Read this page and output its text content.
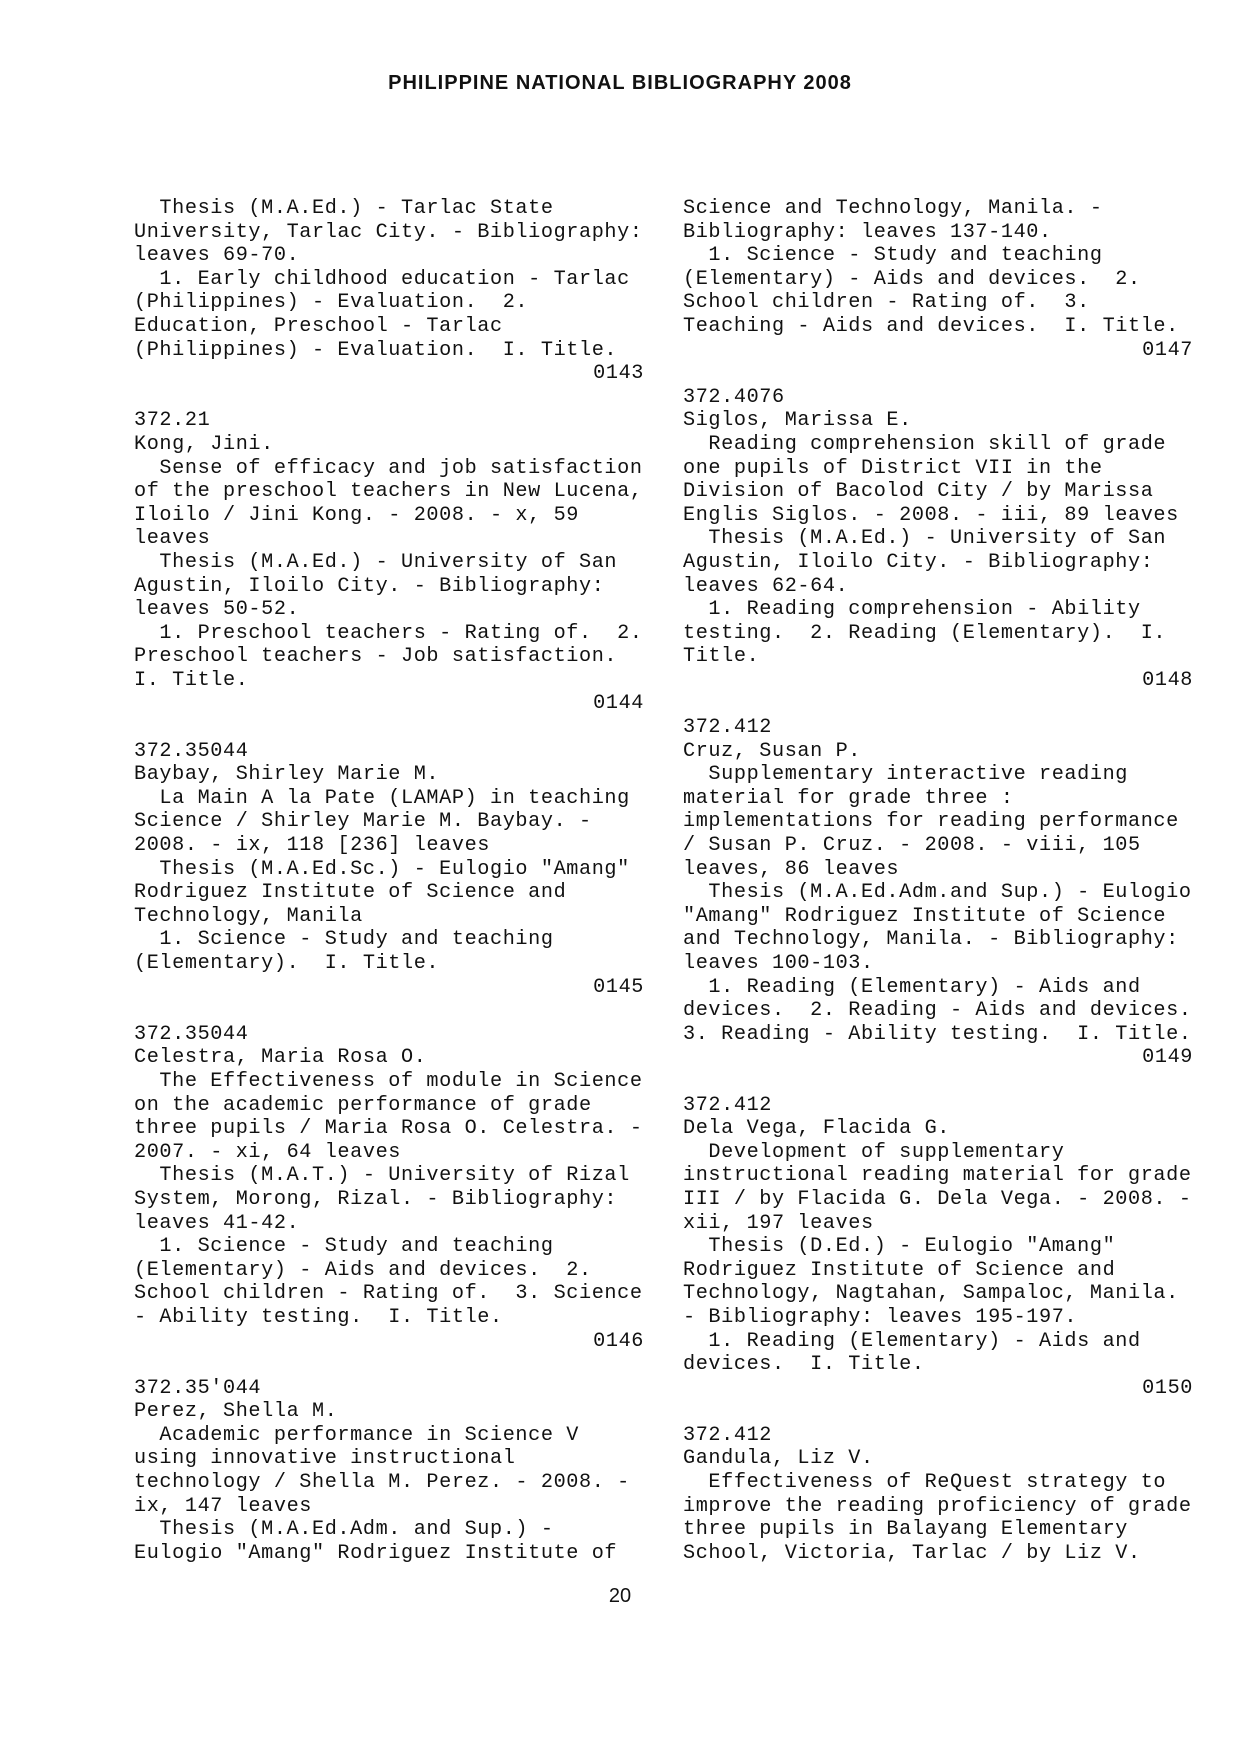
PHILIPPINE NATIONAL BIBLIOGRAPHY 2008
Thesis (M.A.Ed.) - Tarlac State
University, Tarlac City. - Bibliography:
leaves 69-70.
1. Early childhood education - Tarlac
(Philippines) - Evaluation.  2.
Education, Preschool - Tarlac
(Philippines) - Evaluation.  I. Title.
0143
372.21
Kong, Jini.
Sense of efficacy and job satisfaction
of the preschool teachers in New Lucena,
Iloilo / Jini Kong. - 2008. - x, 59
leaves
Thesis (M.A.Ed.) - University of San
Agustin, Iloilo City. - Bibliography:
leaves 50-52.
1. Preschool teachers - Rating of.  2.
Preschool teachers - Job satisfaction.
I. Title.
0144
372.35044
Baybay, Shirley Marie M.
La Main A la Pate (LAMAP) in teaching
Science / Shirley Marie M. Baybay. -
2008. - ix, 118 [236] leaves
Thesis (M.A.Ed.Sc.) - Eulogio "Amang"
Rodriguez Institute of Science and
Technology, Manila
1. Science - Study and teaching
(Elementary).  I. Title.
0145
372.35044
Celestra, Maria Rosa O.
The Effectiveness of module in Science
on the academic performance of grade
three pupils / Maria Rosa O. Celestra. -
2007. - xi, 64 leaves
Thesis (M.A.T.) - University of Rizal
System, Morong, Rizal. - Bibliography:
leaves 41-42.
1. Science - Study and teaching
(Elementary) - Aids and devices.  2.
School children - Rating of.  3. Science
- Ability testing.  I. Title.
0146
372.35'044
Perez, Shella M.
Academic performance in Science V
using innovative instructional
technology / Shella M. Perez. - 2008. -
ix, 147 leaves
Thesis (M.A.Ed.Adm. and Sup.) -
Eulogio "Amang" Rodriguez Institute of
Science and Technology, Manila. -
Bibliography: leaves 137-140.
1. Science - Study and teaching
(Elementary) - Aids and devices.  2.
School children - Rating of.  3.
Teaching - Aids and devices.  I. Title.
0147
372.4076
Siglos, Marissa E.
Reading comprehension skill of grade
one pupils of District VII in the
Division of Bacolod City / by Marissa
Englis Siglos. - 2008. - iii, 89 leaves
Thesis (M.A.Ed.) - University of San
Agustin, Iloilo City. - Bibliography:
leaves 62-64.
1. Reading comprehension - Ability
testing.  2. Reading (Elementary).  I.
Title.
0148
372.412
Cruz, Susan P.
Supplementary interactive reading
material for grade three :
implementations for reading performance
/ Susan P. Cruz. - 2008. - viii, 105
leaves, 86 leaves
Thesis (M.A.Ed.Adm.and Sup.) - Eulogio
"Amang" Rodriguez Institute of Science
and Technology, Manila. - Bibliography:
leaves 100-103.
1. Reading (Elementary) - Aids and
devices.  2. Reading - Aids and devices.
3. Reading - Ability testing.  I. Title.
0149
372.412
Dela Vega, Flacida G.
Development of supplementary
instructional reading material for grade
III / by Flacida G. Dela Vega. - 2008. -
xii, 197 leaves
Thesis (D.Ed.) - Eulogio "Amang"
Rodriguez Institute of Science and
Technology, Nagtahan, Sampaloc, Manila.
- Bibliography: leaves 195-197.
1. Reading (Elementary) - Aids and
devices.  I. Title.
0150
372.412
Gandula, Liz V.
Effectiveness of ReQuest strategy to
improve the reading proficiency of grade
three pupils in Balayang Elementary
School, Victoria, Tarlac / by Liz V.
20
